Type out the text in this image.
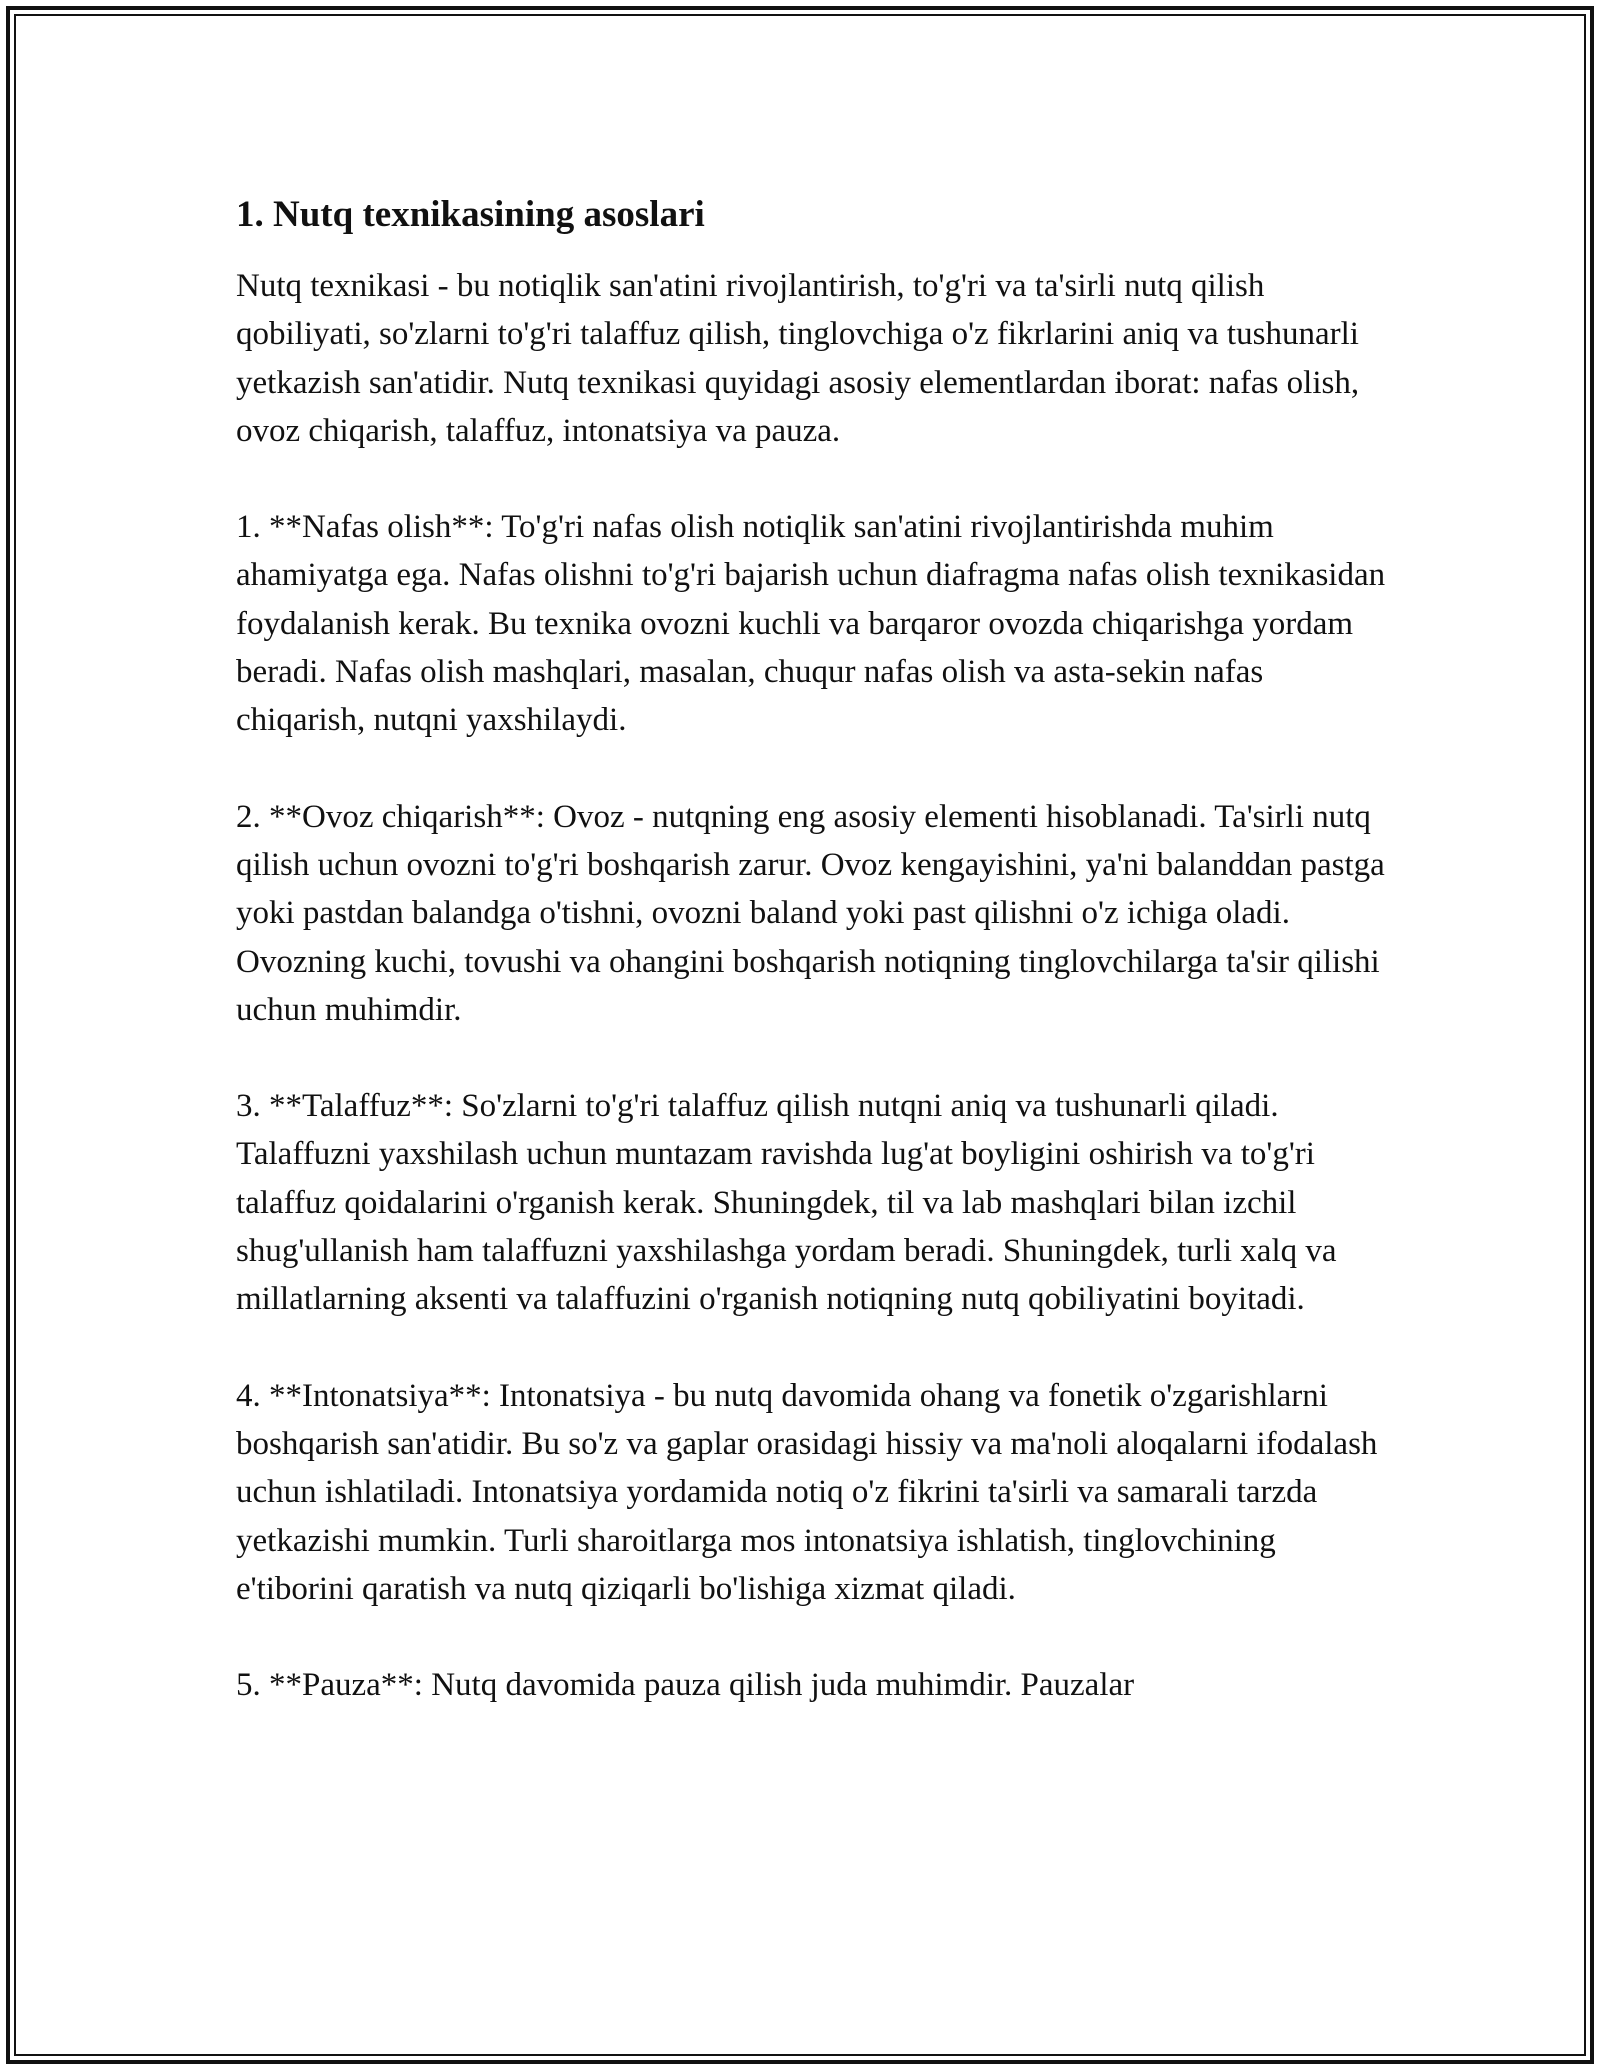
1. Nutq texnikasining asoslari

Nutq texnikasi - bu notiqlik san'atini rivojlantirish, to'g'ri va ta'sirli nutq qilish qobiliyati, so'zlarni to'g'ri talaffuz qilish, tinglovchiga o'z fikrlarini aniq va tushunarli yetkazish san'atidir. Nutq texnikasi quyidagi asosiy elementlardan iborat: nafas olish, ovoz chiqarish, talaffuz, intonatsiya va pauza.

1. **Nafas olish**: To'g'ri nafas olish notiqlik san'atini rivojlantirishda muhim ahamiyatga ega. Nafas olishni to'g'ri bajarish uchun diafragma nafas olish texnikasidan foydalanish kerak. Bu texnika ovozni kuchli va barqaror ovozda chiqarishga yordam beradi. Nafas olish mashqlari, masalan, chuqur nafas olish va asta-sekin nafas chiqarish, nutqni yaxshilaydi.

2. **Ovoz chiqarish**: Ovoz - nutqning eng asosiy elementi hisoblanadi. Ta'sirli nutq qilish uchun ovozni to'g'ri boshqarish zarur. Ovoz kengayishini, ya'ni balanddan pastga yoki pastdan balandga o'tishni, ovozni baland yoki past qilishni o'z ichiga oladi. Ovozning kuchi, tovushi va ohangini boshqarish notiqning tinglovchilarga ta'sir qilishi uchun muhimdir.

3. **Talaffuz**: So'zlarni to'g'ri talaffuz qilish nutqni aniq va tushunarli qiladi. Talaffuzni yaxshilash uchun muntazam ravishda lug'at boyligini oshirish va to'g'ri talaffuz qoidalarini o'rganish kerak. Shuningdek, til va lab mashqlari bilan izchil shug'ullanish ham talaffuzni yaxshilashga yordam beradi. Shuningdek, turli xalq va millatlarning aksenti va talaffuzini o'rganish notiqning nutq qobiliyatini boyitadi.

4. **Intonatsiya**: Intonatsiya - bu nutq davomida ohang va fonetik o'zgarishlarni boshqarish san'atidir. Bu so'z va gaplar orasidagi hissiy va ma'noli aloqalarni ifodalash uchun ishlatiladi. Intonatsiya yordamida notiq o'z fikrini ta'sirli va samarali tarzda yetkazishi mumkin. Turli sharoitlarga mos intonatsiya ishlatish, tinglovchining e'tiborini qaratish va nutq qiziqarli bo'lishiga xizmat qiladi.

5. **Pauza**: Nutq davomida pauza qilish juda muhimdir. Pauzalar
